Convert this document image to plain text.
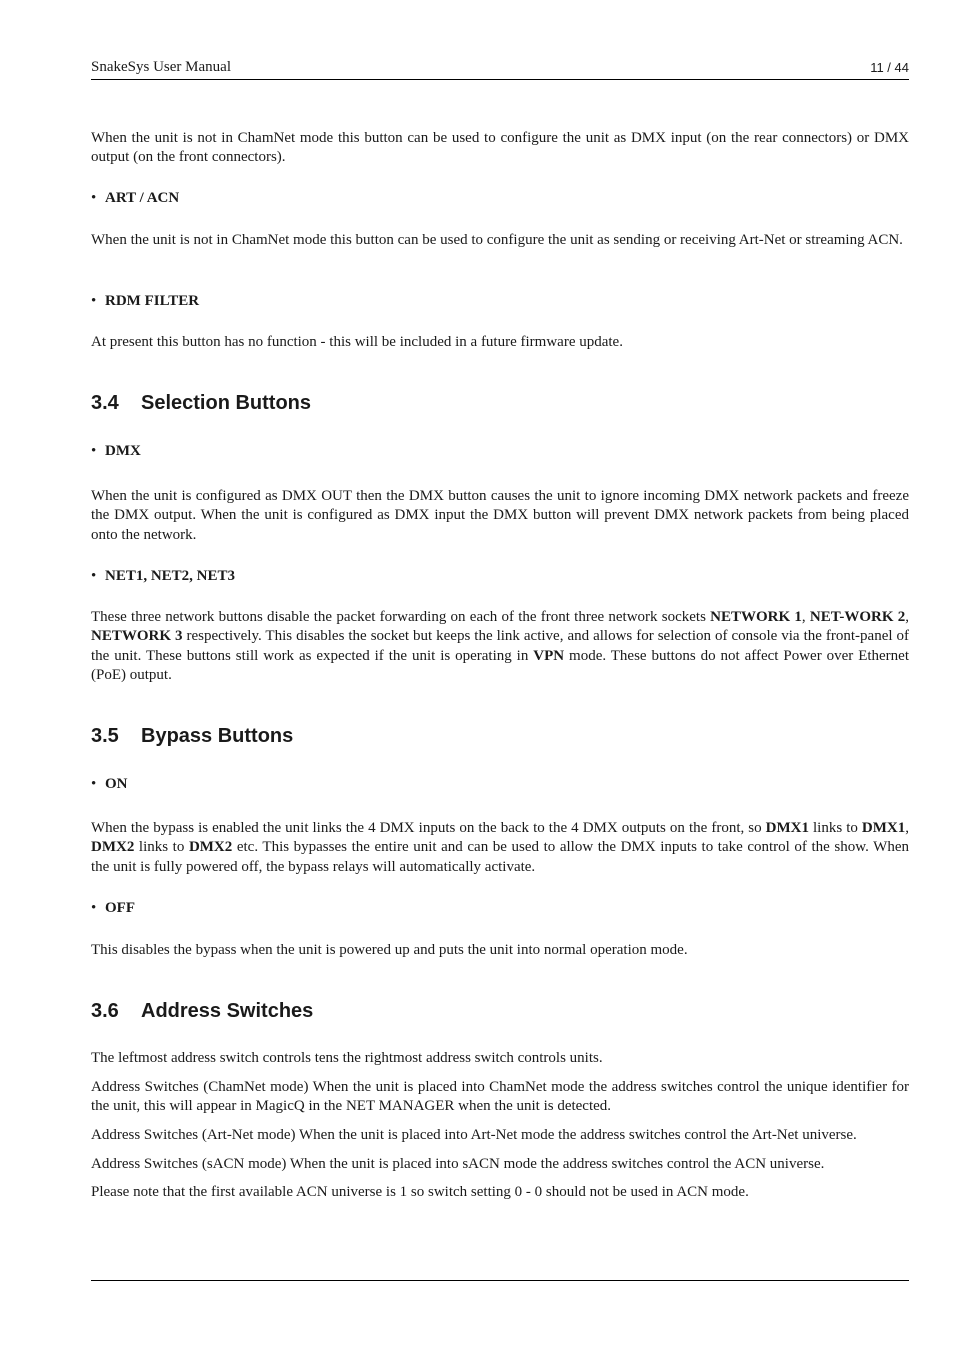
SnakeSys User Manual	11 / 44
When the unit is not in ChamNet mode this button can be used to configure the unit as DMX input (on the rear connectors) or DMX output (on the front connectors).
• ART / ACN
When the unit is not in ChamNet mode this button can be used to configure the unit as sending or receiving Art-Net or streaming ACN.
• RDM FILTER
At present this button has no function - this will be included in a future firmware update.
3.4 Selection Buttons
• DMX
When the unit is configured as DMX OUT then the DMX button causes the unit to ignore incoming DMX network packets and freeze the DMX output. When the unit is configured as DMX input the DMX button will prevent DMX network packets from being placed onto the network.
• NET1, NET2, NET3
These three network buttons disable the packet forwarding on each of the front three network sockets NETWORK 1, NET-WORK 2, NETWORK 3 respectively. This disables the socket but keeps the link active, and allows for selection of console via the front-panel of the unit. These buttons still work as expected if the unit is operating in VPN mode. These buttons do not affect Power over Ethernet (PoE) output.
3.5 Bypass Buttons
• ON
When the bypass is enabled the unit links the 4 DMX inputs on the back to the 4 DMX outputs on the front, so DMX1 links to DMX1, DMX2 links to DMX2 etc. This bypasses the entire unit and can be used to allow the DMX inputs to take control of the show. When the unit is fully powered off, the bypass relays will automatically activate.
• OFF
This disables the bypass when the unit is powered up and puts the unit into normal operation mode.
3.6 Address Switches
The leftmost address switch controls tens the rightmost address switch controls units.
Address Switches (ChamNet mode) When the unit is placed into ChamNet mode the address switches control the unique identifier for the unit, this will appear in MagicQ in the NET MANAGER when the unit is detected.
Address Switches (Art-Net mode) When the unit is placed into Art-Net mode the address switches control the Art-Net universe.
Address Switches (sACN mode) When the unit is placed into sACN mode the address switches control the ACN universe.
Please note that the first available ACN universe is 1 so switch setting 0 - 0 should not be used in ACN mode.
